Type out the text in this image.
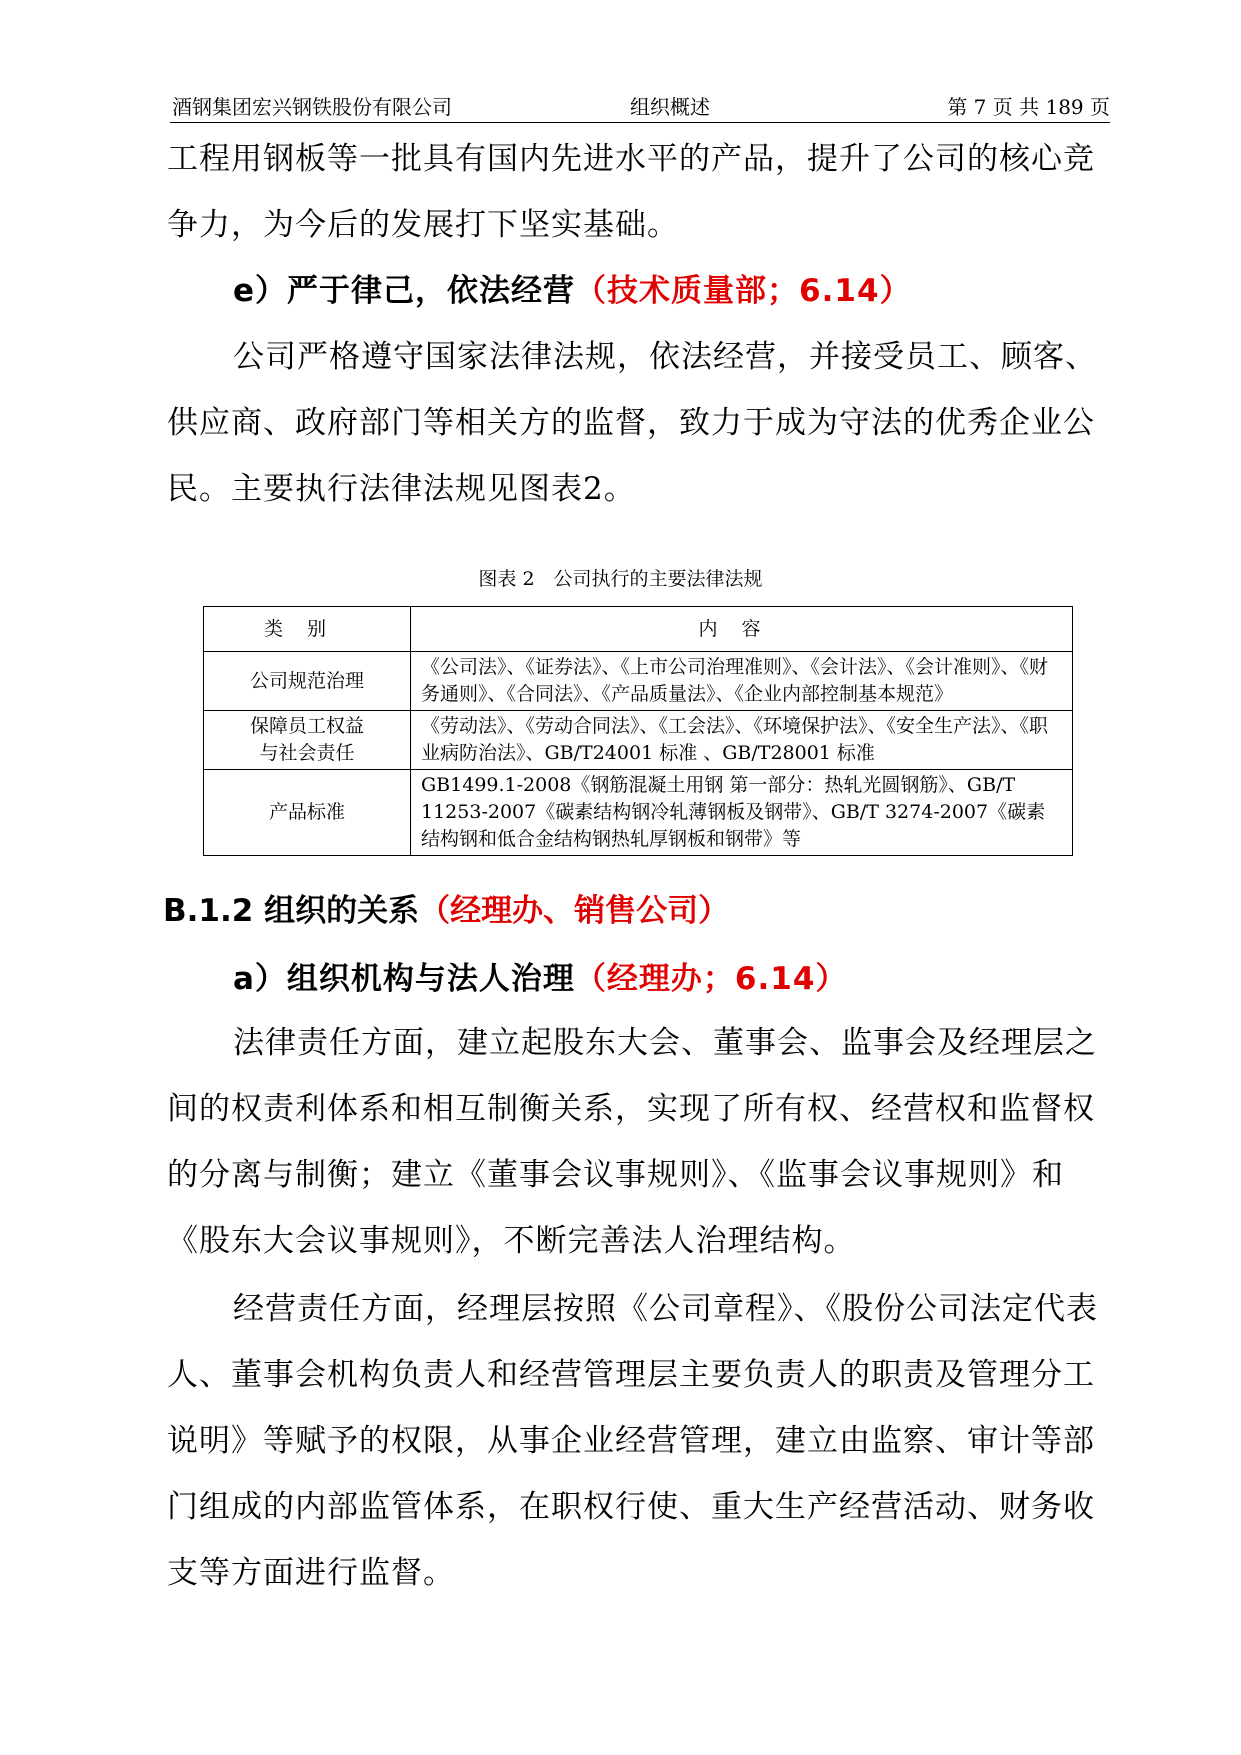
酒钢集团宏兴钢铁股份有限公司	组织概述	第 7 页 共 189 页

工程用钢板等一批具有国内先进水平的产品，提升了公司的核心竞

争力，为今后的发展打下坚实基础。

e）严于律己，依法经营（技术质量部；6.14）

公司严格遵守国家法律法规，依法经营，并接受员工、顾客、

供应商、政府部门等相关方的监督，致力于成为守法的优秀企业公

民。主要执行法律法规见图表2。

图表 2　公司执行的主要法律法规
类别	内容
公司规范治理	《公司法》、《证券法》、《上市公司治理准则》、《会计法》、《会计准则》、《财务通则》、《合同法》、《产品质量法》、《企业内部控制基本规范》

保障员工权益
与社会责任	《劳动法》、《劳动合同法》、《工会法》、《环境保护法》、《安全生产法》、《职业病防治法》、GB/T24001 标准 、GB/T28001 标准
产品标准	GB1499.1-2008《钢筋混凝土用钢 第一部分：热轧光圆钢筋》、GB/T 11253-2007《碳素结构钢冷轧薄钢板及钢带》、GB/T 3274-2007《碳素结构钢和低合金结构钢热轧厚钢板和钢带》等
B.1.2 组织的关系（经理办、销售公司）

a）组织机构与法人治理（经理办；6.14）

法律责任方面，建立起股东大会、董事会、监事会及经理层之

间的权责利体系和相互制衡关系，实现了所有权、经营权和监督权

的分离与制衡；建立《董事会议事规则》、《监事会议事规则》和

《股东大会议事规则》，不断完善法人治理结构。

经营责任方面，经理层按照《公司章程》、《股份公司法定代表

人、董事会机构负责人和经营管理层主要负责人的职责及管理分工

说明》等赋予的权限，从事企业经营管理，建立由监察、审计等部

门组成的内部监管体系，在职权行使、重大生产经营活动、财务收

支等方面进行监督。
